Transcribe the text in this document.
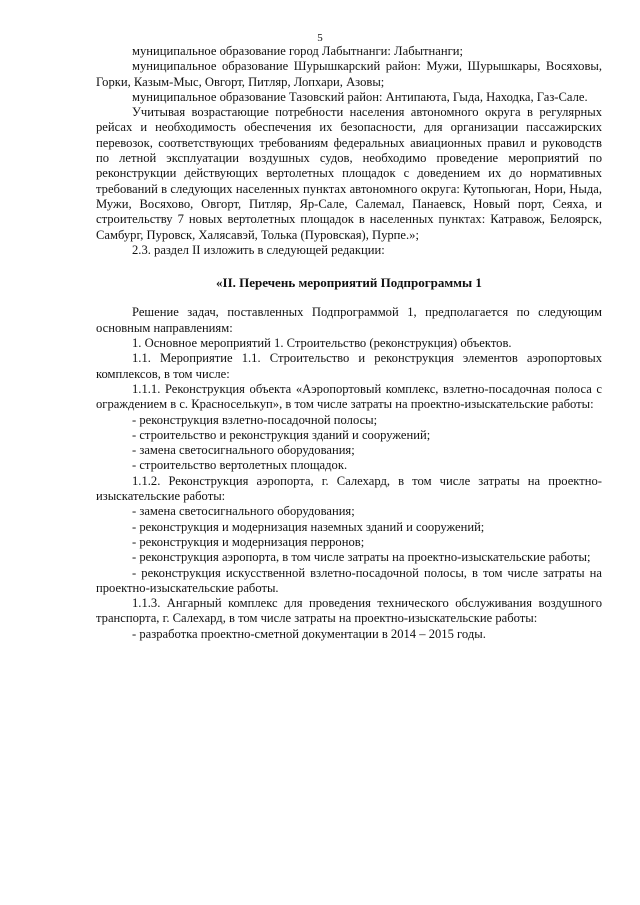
5

муниципальное образование город Лабытнанги: Лабытнанги;

муниципальное образование Шурышкарский район: Мужи, Шурышкары, Восяховы, Горки, Казым-Мыс, Овгорт, Питляр, Лопхари, Азовы;

муниципальное образование Тазовский район: Антипаюта, Гыда, Находка, Газ-Сале.

Учитывая возрастающие потребности населения автономного округа в регулярных рейсах и необходимость обеспечения их безопасности, для организации пассажирских перевозок, соответствующих требованиям федеральных авиационных правил и руководств по летной эксплуатации воздушных судов, необходимо проведение мероприятий по реконструкции действующих вертолетных площадок с доведением их до нормативных требований в следующих населенных пунктах автономного округа: Кутопьюган, Нори, Ныда, Мужи, Восяхово, Овгорт, Питляр, Яр-Сале, Салемал, Панаевск, Новый порт, Сеяха, и строительству 7 новых вертолетных площадок в населенных пунктах: Катравож, Белоярск, Самбург, Пуровск, Халясавэй, Толька (Пуровская), Пурпе.»;

2.3. раздел II изложить в следующей редакции:

«II. Перечень мероприятий Подпрограммы 1

Решение задач, поставленных Подпрограммой 1, предполагается по следующим основным направлениям:

1. Основное мероприятий 1. Строительство (реконструкция) объектов.

1.1. Мероприятие 1.1. Строительство и реконструкция элементов аэропортовых комплексов, в том числе:

1.1.1. Реконструкция объекта «Аэропортовый комплекс, взлетно-посадочная полоса с ограждением в с. Красноселькуп», в том числе затраты на проектно-изыскательские работы:

- реконструкция взлетно-посадочной полосы;

- строительство и реконструкция зданий и сооружений;

- замена светосигнального оборудования;

- строительство вертолетных площадок.

1.1.2. Реконструкция аэропорта, г. Салехард, в том числе затраты на проектно-изыскательские работы:

- замена светосигнального оборудования;

- реконструкция и модернизация наземных зданий и сооружений;

- реконструкция и модернизация перронов;

- реконструкция аэропорта, в том числе затраты на проектно-изыскательские работы;

- реконструкция искусственной взлетно-посадочной полосы, в том числе затраты на проектно-изыскательские работы.

1.1.3. Ангарный комплекс для проведения технического обслуживания воздушного транспорта, г. Салехард, в том числе затраты на проектно-изыскательские работы:

- разработка проектно-сметной документации в 2014 – 2015 годы.
